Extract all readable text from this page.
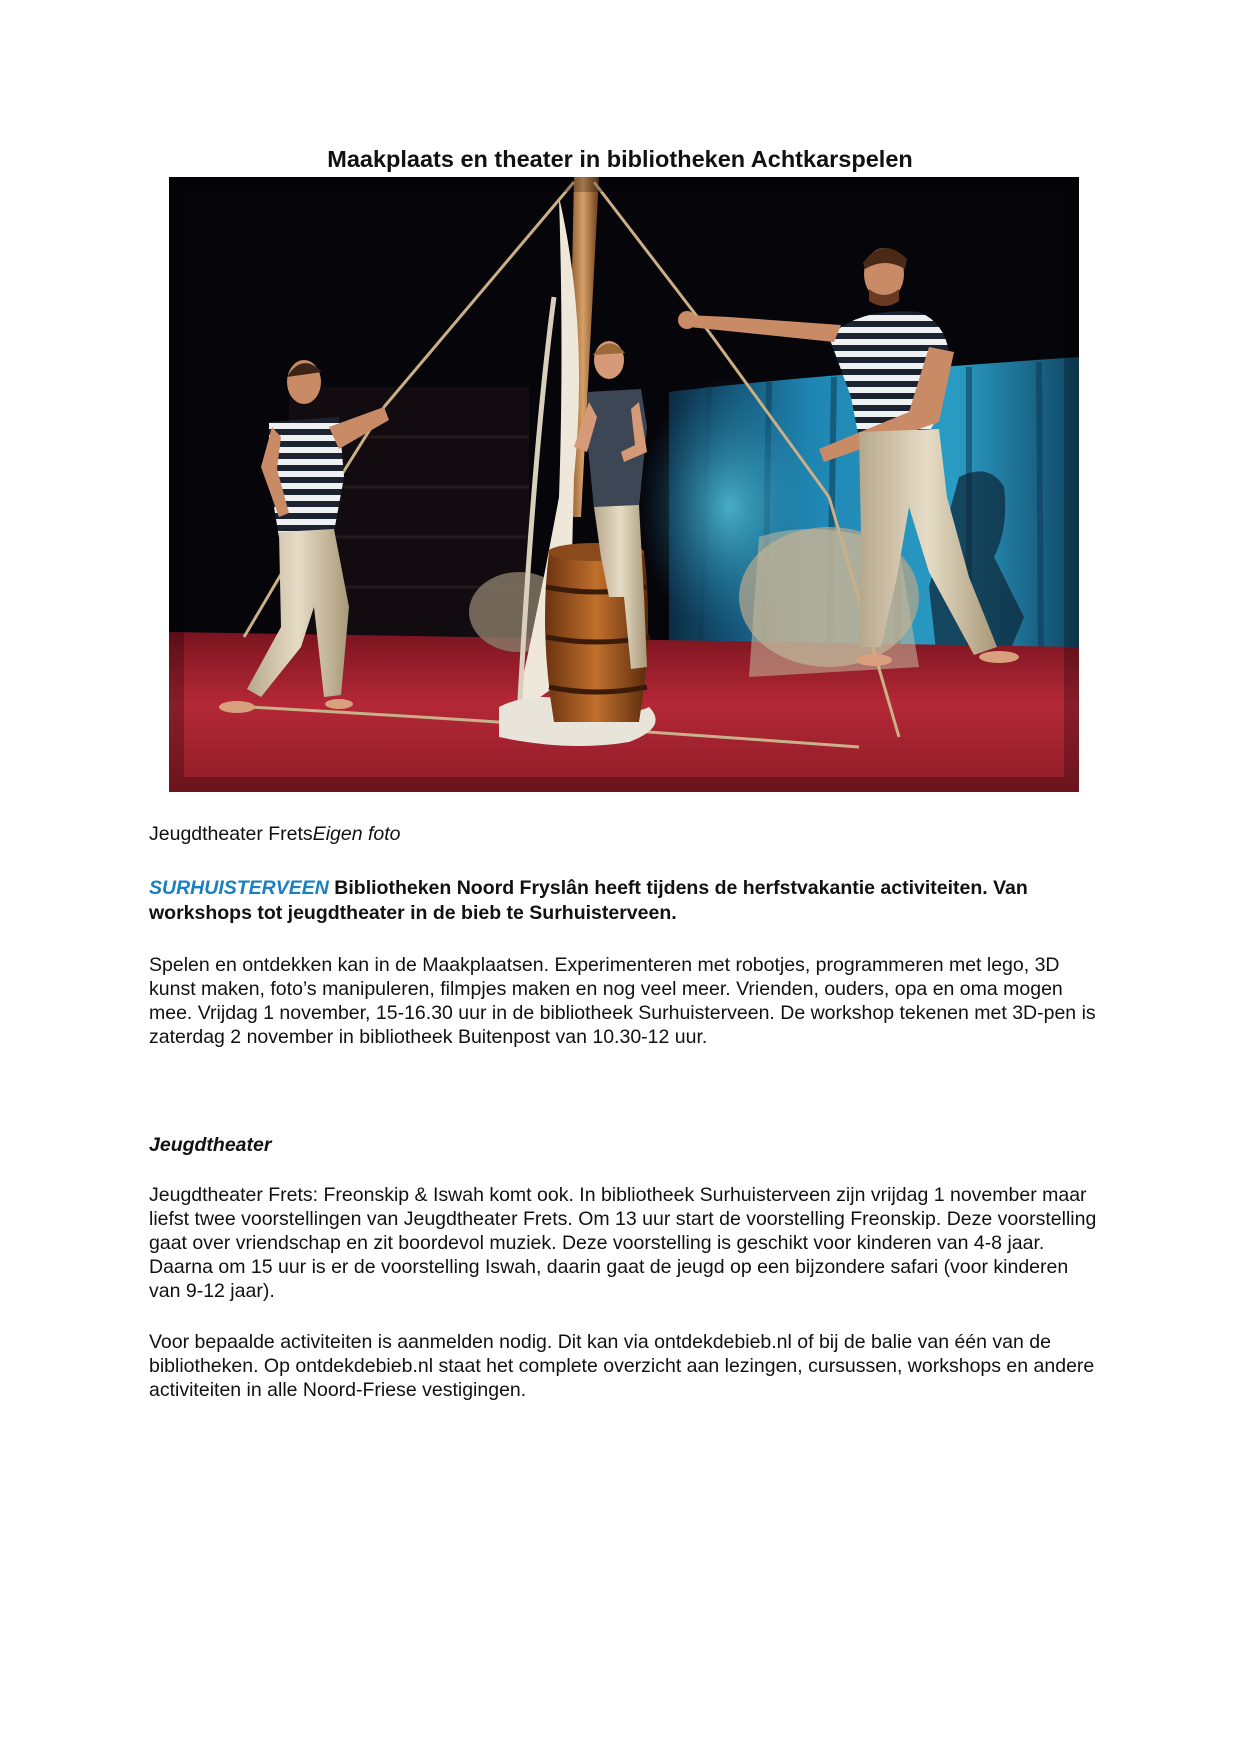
Maakplaats en theater in bibliotheken Achtkarspelen

Jeugdtheater FretsEigen foto

SURHUISTERVEEN Bibliotheken Noord Fryslân heeft tijdens de herfstvakantie activiteiten. Van workshops tot jeugdtheater in de bieb te Surhuisterveen.

Spelen en ontdekken kan in de Maakplaatsen. Experimenteren met robotjes, programmeren met lego, 3D kunst maken, foto’s manipuleren, filmpjes maken en nog veel meer. Vrienden, ouders, opa en oma mogen mee. Vrijdag 1 november, 15-16.30 uur in de bibliotheek Surhuisterveen. De workshop tekenen met 3D-pen is zaterdag 2 november in bibliotheek Buitenpost van 10.30-12 uur.

Jeugdtheater

Jeugdtheater Frets: Freonskip & Iswah komt ook. In bibliotheek Surhuisterveen zijn vrijdag 1 november maar liefst twee voorstellingen van Jeugdtheater Frets. Om 13 uur start de voorstelling Freonskip. Deze voorstelling gaat over vriendschap en zit boordevol muziek. Deze voorstelling is geschikt voor kinderen van 4-8 jaar. Daarna om 15 uur is er de voorstelling Iswah, daarin gaat de jeugd op een bijzondere safari (voor kinderen van 9-12 jaar).

Voor bepaalde activiteiten is aanmelden nodig. Dit kan via ontdekdebieb.nl of bij de balie van één van de bibliotheken. Op ontdekdebieb.nl staat het complete overzicht aan lezingen, cursussen, workshops en andere activiteiten in alle Noord-Friese vestigingen.
